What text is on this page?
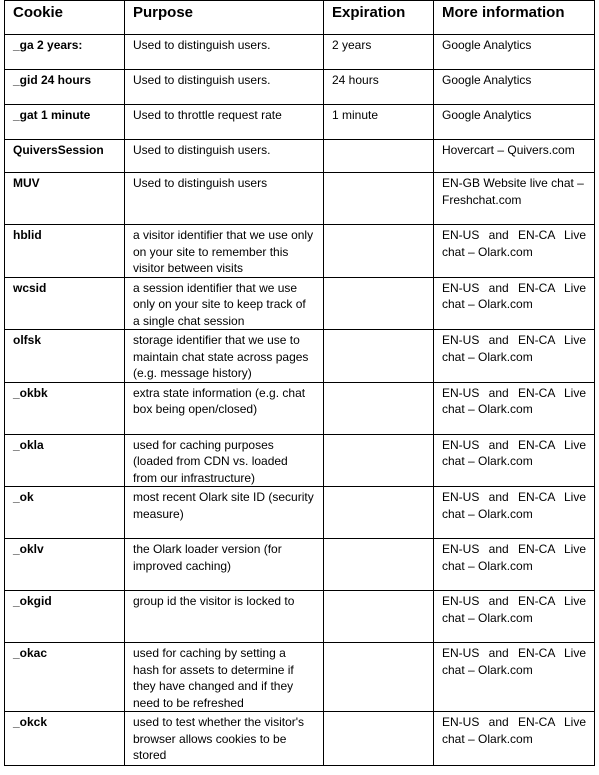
Cookie	Purpose	Expiration	More information
_ga 2 years:	Used to distinguish users.	2 years	Google Analytics
_gid 24 hours	Used to distinguish users.	24 hours	Google Analytics
_gat 1 minute	Used to throttle request rate	1 minute	Google Analytics
QuiversSession	Used to distinguish users.		Hovercart – Quivers.com
MUV	Used to distinguish users		EN-GB Website live chat – Freshchat.com
hblid	a visitor identifier that we use only on your site to remember this visitor between visits		EN-US and EN-CA Live chat – Olark.com
wcsid	a session identifier that we use only on your site to keep track of a single chat session		EN-US and EN-CA Live chat – Olark.com
olfsk	storage identifier that we use to maintain chat state across pages (e.g. message history)		EN-US and EN-CA Live chat – Olark.com
_okbk	extra state information (e.g. chat box being open/closed)		EN-US and EN-CA Live chat – Olark.com
_okla	used for caching purposes (loaded from CDN vs. loaded from our infrastructure)		EN-US and EN-CA Live chat – Olark.com
_ok	most recent Olark site ID (security measure)		EN-US and EN-CA Live chat – Olark.com
_oklv	the Olark loader version (for improved caching)		EN-US and EN-CA Live chat – Olark.com
_okgid	group id the visitor is locked to		EN-US and EN-CA Live chat – Olark.com
_okac	used for caching by setting a hash for assets to determine if they have changed and if they need to be refreshed		EN-US and EN-CA Live chat – Olark.com
_okck	used to test whether the visitor's browser allows cookies to be stored		EN-US and EN-CA Live chat – Olark.com
